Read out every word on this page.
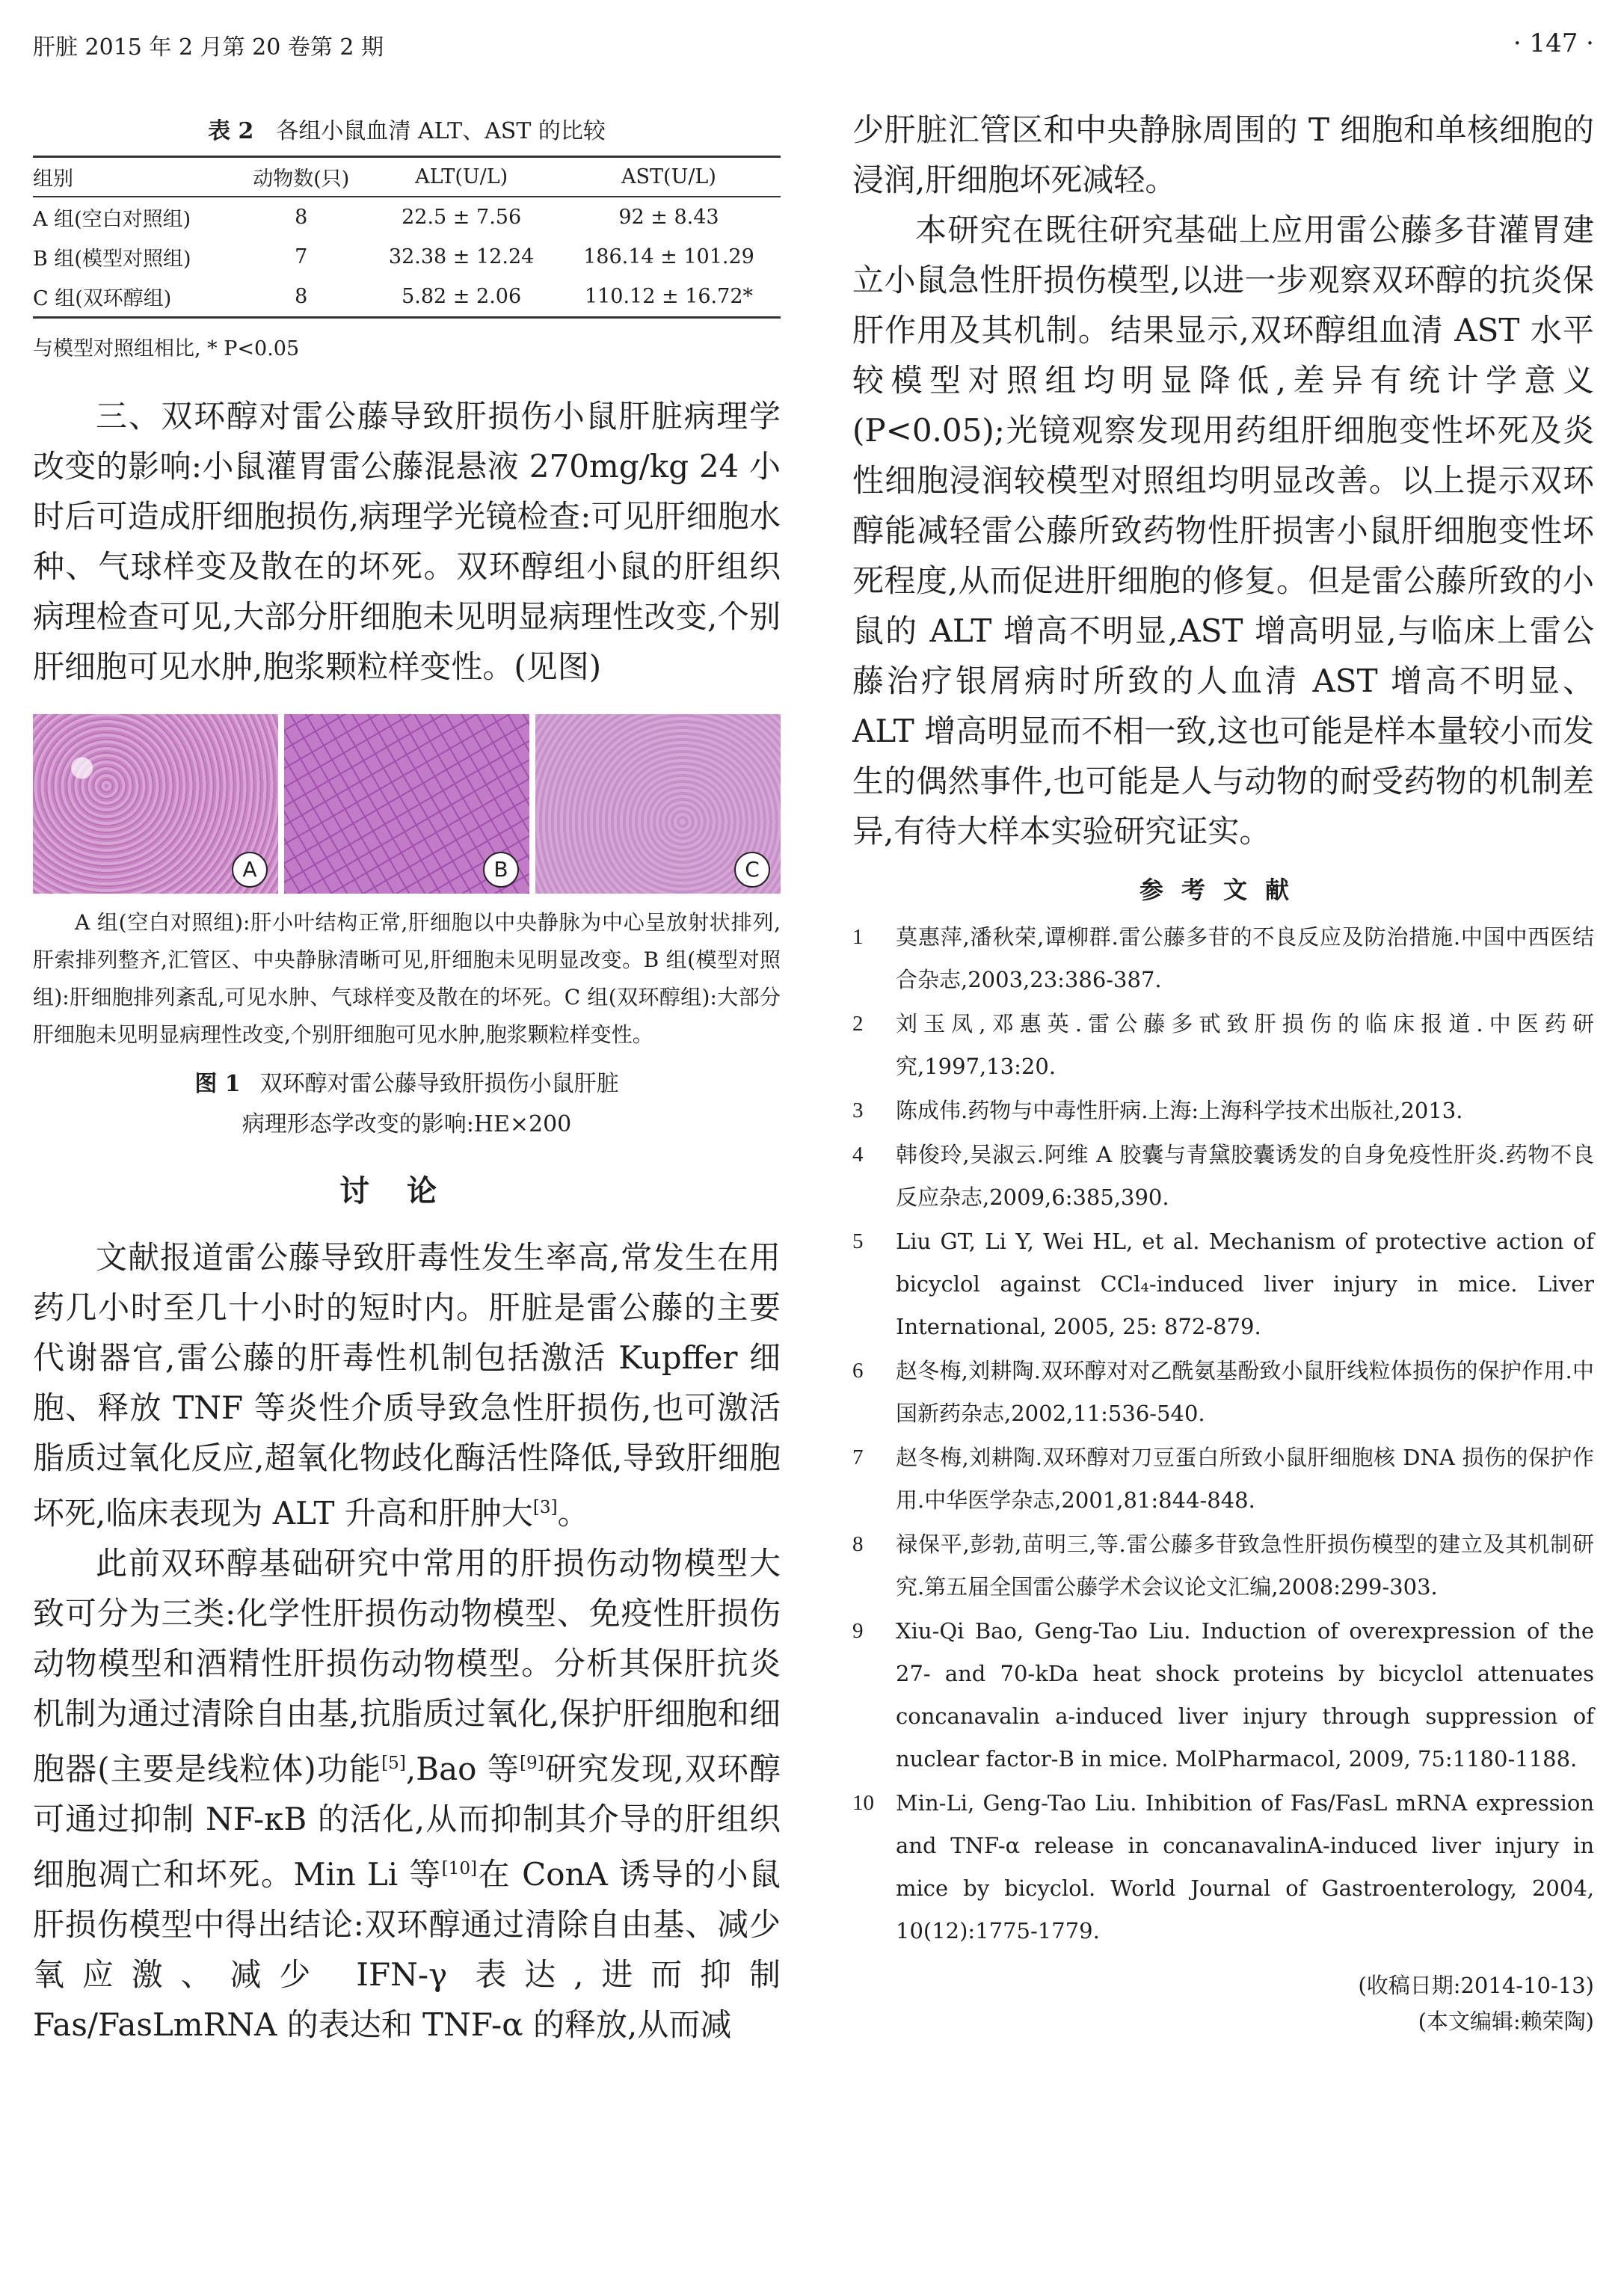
肝脏 2015 年 2 月第 20 卷第 2 期	· 147 ·
表 2 各组小鼠血清 ALT、AST 的比较
组别	动物数(只)	ALT(U/L)	AST(U/L)
A 组(空白对照组)	8	22.5 ± 7.56	92 ± 8.43
B 组(模型对照组)	7	32.38 ± 12.24	186.14 ± 101.29
C 组(双环醇组)	8	5.82 ± 2.06	110.12 ± 16.72*
与模型对照组相比, * P<0.05

三、双环醇对雷公藤导致肝损伤小鼠肝脏病理学改变的影响:小鼠灌胃雷公藤混悬液 270mg/kg 24 小时后可造成肝细胞损伤,病理学光镜检查:可见肝细胞水种、气球样变及散在的坏死。双环醇组小鼠的肝组织病理检查可见,大部分肝细胞未见明显病理性改变,个别肝细胞可见水肿,胞浆颗粒样变性。(见图)

A	B	C
A 组(空白对照组):肝小叶结构正常,肝细胞以中央静脉为中心呈放射状排列,肝索排列整齐,汇管区、中央静脉清晰可见,肝细胞未见明显改变。B 组(模型对照组):肝细胞排列紊乱,可见水肿、气球样变及散在的坏死。C 组(双环醇组):大部分肝细胞未见明显病理性改变,个别肝细胞可见水肿,胞浆颗粒样变性。
图 1 双环醇对雷公藤导致肝损伤小鼠肝脏
病理形态学改变的影响:HE×200
讨论

文献报道雷公藤导致肝毒性发生率高,常发生在用药几小时至几十小时的短时内。肝脏是雷公藤的主要代谢器官,雷公藤的肝毒性机制包括激活 Kupffer 细胞、释放 TNF 等炎性介质导致急性肝损伤,也可激活脂质过氧化反应,超氧化物歧化酶活性降低,导致肝细胞坏死,临床表现为 ALT 升高和肝肿大[3]。

此前双环醇基础研究中常用的肝损伤动物模型大致可分为三类:化学性肝损伤动物模型、免疫性肝损伤动物模型和酒精性肝损伤动物模型。分析其保肝抗炎机制为通过清除自由基,抗脂质过氧化,保护肝细胞和细胞器(主要是线粒体)功能[5],Bao 等[9]研究发现,双环醇可通过抑制 NF-κB 的活化,从而抑制其介导的肝组织细胞凋亡和坏死。Min Li 等[10]在 ConA 诱导的小鼠肝损伤模型中得出结论:双环醇通过清除自由基、减少氧应激、减少 IFN-γ 表达,进而抑制 Fas/FasLmRNA 的表达和 TNF-α 的释放,从而减

少肝脏汇管区和中央静脉周围的 T 细胞和单核细胞的浸润,肝细胞坏死减轻。

本研究在既往研究基础上应用雷公藤多苷灌胃建立小鼠急性肝损伤模型,以进一步观察双环醇的抗炎保肝作用及其机制。结果显示,双环醇组血清 AST 水平较模型对照组均明显降低,差异有统计学意义(P<0.05);光镜观察发现用药组肝细胞变性坏死及炎性细胞浸润较模型对照组均明显改善。以上提示双环醇能减轻雷公藤所致药物性肝损害小鼠肝细胞变性坏死程度,从而促进肝细胞的修复。但是雷公藤所致的小鼠的 ALT 增高不明显,AST 增高明显,与临床上雷公藤治疗银屑病时所致的人血清 AST 增高不明显、ALT 增高明显而不相一致,这也可能是样本量较小而发生的偶然事件,也可能是人与动物的耐受药物的机制差异,有待大样本实验研究证实。

参考文献
1	莫惠萍,潘秋荣,谭柳群.雷公藤多苷的不良反应及防治措施.中国中西医结合杂志,2003,23:386-387.
2	刘玉凤,邓惠英.雷公藤多甙致肝损伤的临床报道.中医药研究,1997,13:20.
3	陈成伟.药物与中毒性肝病.上海:上海科学技术出版社,2013.
4	韩俊玲,吴淑云.阿维 A 胶囊与青黛胶囊诱发的自身免疫性肝炎.药物不良反应杂志,2009,6:385,390.
5	Liu GT, Li Y, Wei HL, et al. Mechanism of protective action of bicyclol against CCl₄-induced liver injury in mice. Liver International, 2005, 25: 872-879.
6	赵冬梅,刘耕陶.双环醇对对乙酰氨基酚致小鼠肝线粒体损伤的保护作用.中国新药杂志,2002,11:536-540.
7	赵冬梅,刘耕陶.双环醇对刀豆蛋白所致小鼠肝细胞核 DNA 损伤的保护作用.中华医学杂志,2001,81:844-848.
8	禄保平,彭勃,苗明三,等.雷公藤多苷致急性肝损伤模型的建立及其机制研究.第五届全国雷公藤学术会议论文汇编,2008:299-303.
9	Xiu-Qi Bao, Geng-Tao Liu. Induction of overexpression of the 27- and 70-kDa heat shock proteins by bicyclol attenuates concanavalin a-induced liver injury through suppression of nuclear factor-B in mice. MolPharmacol, 2009, 75:1180-1188.
10	Min-Li, Geng-Tao Liu. Inhibition of Fas/FasL mRNA expression and TNF-α release in concanavalinA-induced liver injury in mice by bicyclol. World Journal of Gastroenterology, 2004, 10(12):1775-1779.
(收稿日期:2014-10-13)
(本文编辑:赖荣陶)
